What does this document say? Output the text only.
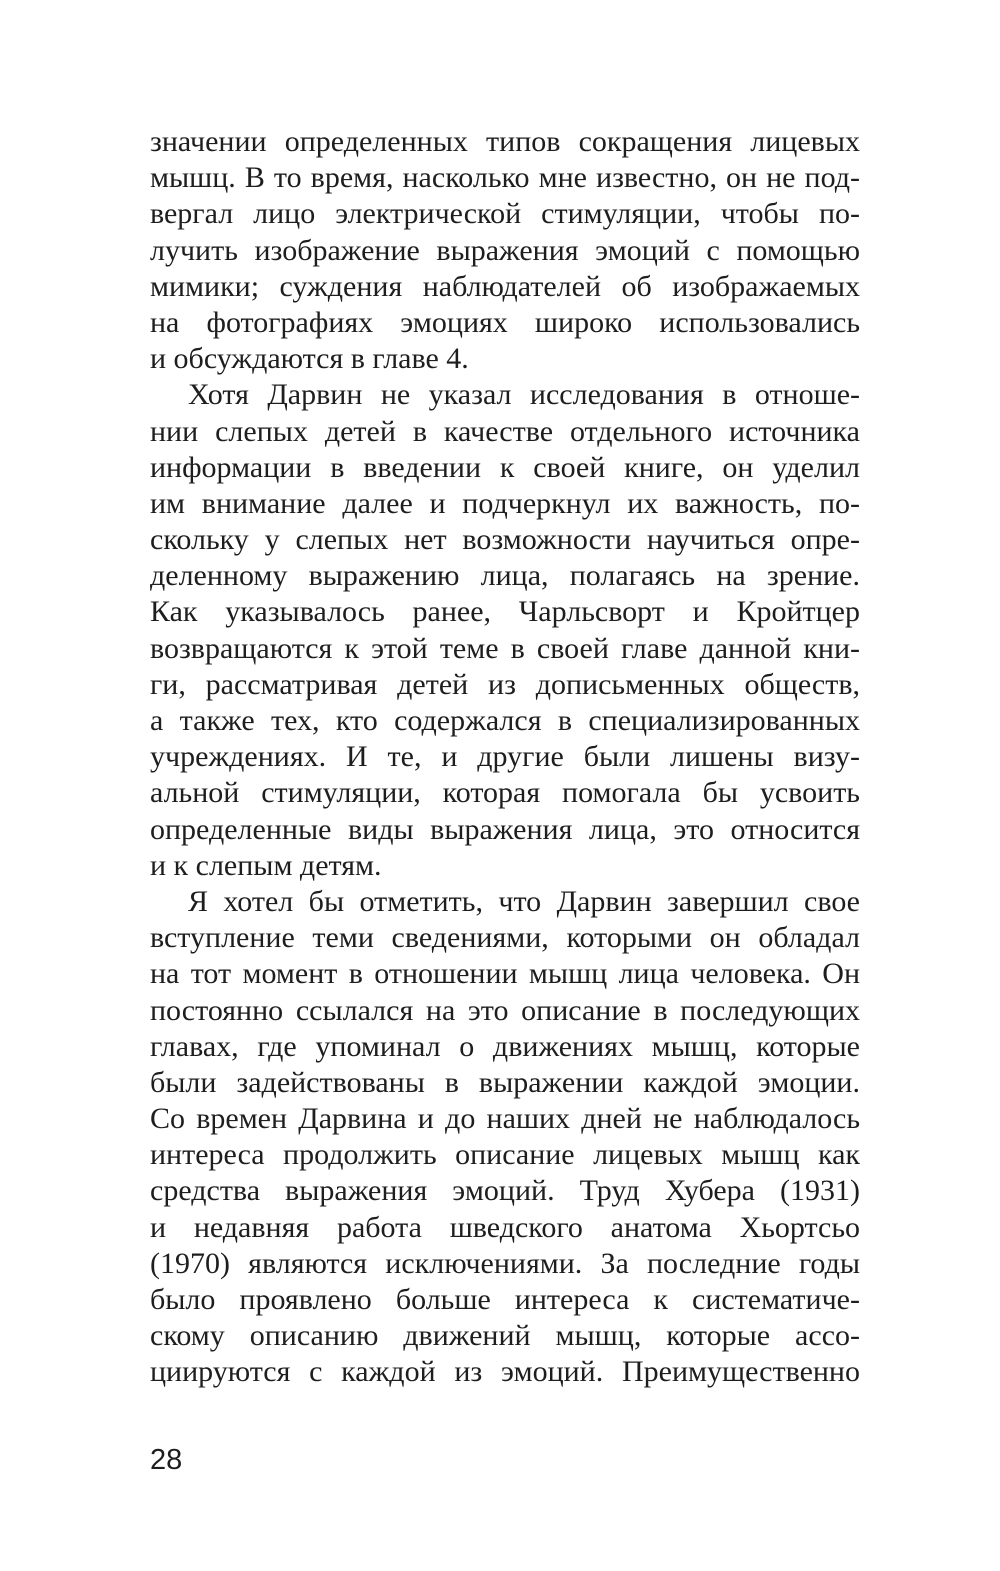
значении определенных типов сокращения лицевых
мышц. В то время, насколько мне известно, он не под-
вергал лицо электрической стимуляции, чтобы по-
лучить изображение выражения эмоций с помощью
мимики; суждения наблюдателей об изображаемых
на фотографиях эмоциях широко использовались
и обсуждаются в главе 4.

Хотя Дарвин не указал исследования в отноше-
нии слепых детей в качестве отдельного источника
информации в введении к своей книге, он уделил
им внимание далее и подчеркнул их важность, по-
скольку у слепых нет возможности научиться опре-
деленному выражению лица, полагаясь на зрение.
Как указывалось ранее, Чарльсворт и Кройтцер
возвращаются к этой теме в своей главе данной кни-
ги, рассматривая детей из дописьменных обществ,
а также тех, кто содержался в специализированных
учреждениях. И те, и другие были лишены визу-
альной стимуляции, которая помогала бы усвоить
определенные виды выражения лица, это относится
и к слепым детям.

Я хотел бы отметить, что Дарвин завершил свое
вступление теми сведениями, которыми он обладал
на тот момент в отношении мышц лица человека. Он
постоянно ссылался на это описание в последующих
главах, где упоминал о движениях мышц, которые
были задействованы в выражении каждой эмоции.
Со времен Дарвина и до наших дней не наблюдалось
интереса продолжить описание лицевых мышц как
средства выражения эмоций. Труд Хубера (1931)
и недавняя работа шведского анатома Хьортсьо
(1970) являются исключениями. За последние годы
было проявлено больше интереса к систематиче-
скому описанию движений мышц, которые ассо-
циируются с каждой из эмоций. Преимущественно

28
